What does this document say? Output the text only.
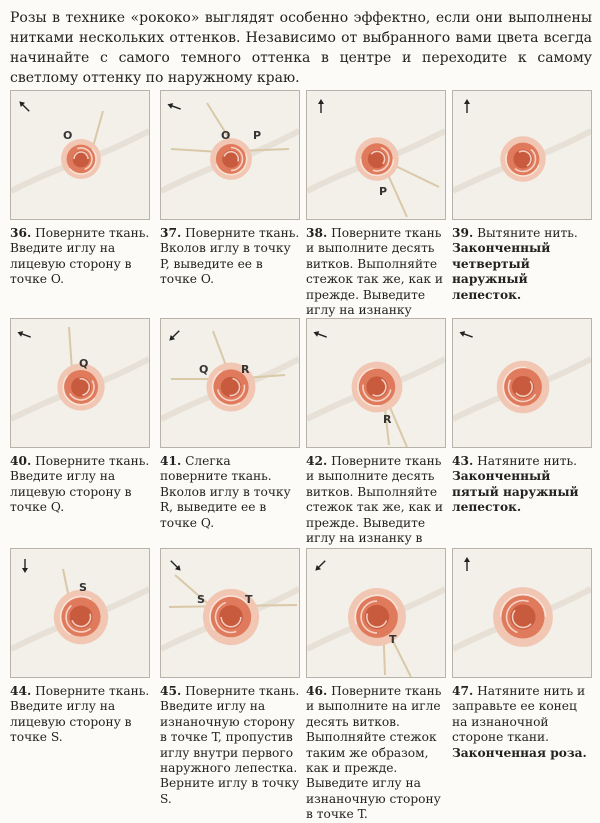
Розы в технике «рококо» выглядят особенно эффектно, если они выполнены нитками нескольких оттенков. Независимо от выбранного вами цвета всегда начинайте с самого темного оттенка в центре и переходите к самому светлому оттенку по наружному краю.

O
36. Поверните ткань. Введите иглу на лицевую сторону в точке O.
O P
37. Поверните ткань. Вколов иглу в точку P, выведите ее в точке O.
P
38. Поверните ткань и выполните десять витков. Выполняйте стежок так же, как и прежде. Выведите иглу на изнанку
39. Вытяните нить. Законченный четвертый наружный лепесток.
Q
40. Поверните ткань. Введите иглу на лицевую сторону в точке Q.
Q	R
41. Слегка поверните ткань. Вколов иглу в точку R, выведите ее в точке Q.
R
42. Поверните ткань и выполните десять витков. Выполняйте стежок так же, как и прежде. Выведите иглу на изнанку в
43. Натяните нить. Законченный пятый наружный лепесток.
S
44. Поверните ткань. Введите иглу на лицевую сторону в точке S.
S	T
45. Поверните ткань. Введите иглу на изнаночную сторону в точке T, пропустив иглу внутри первого наружного лепестка. Верните иглу в точку S.
T
46. Поверните ткань и выполните на игле десять витков. Выполняйте стежок таким же образом, как и прежде. Выведите иглу на изнаночную сторону в точке T.
47. Натяните нить и заправьте ее конец на изнаночной стороне ткани. Законченная роза.
